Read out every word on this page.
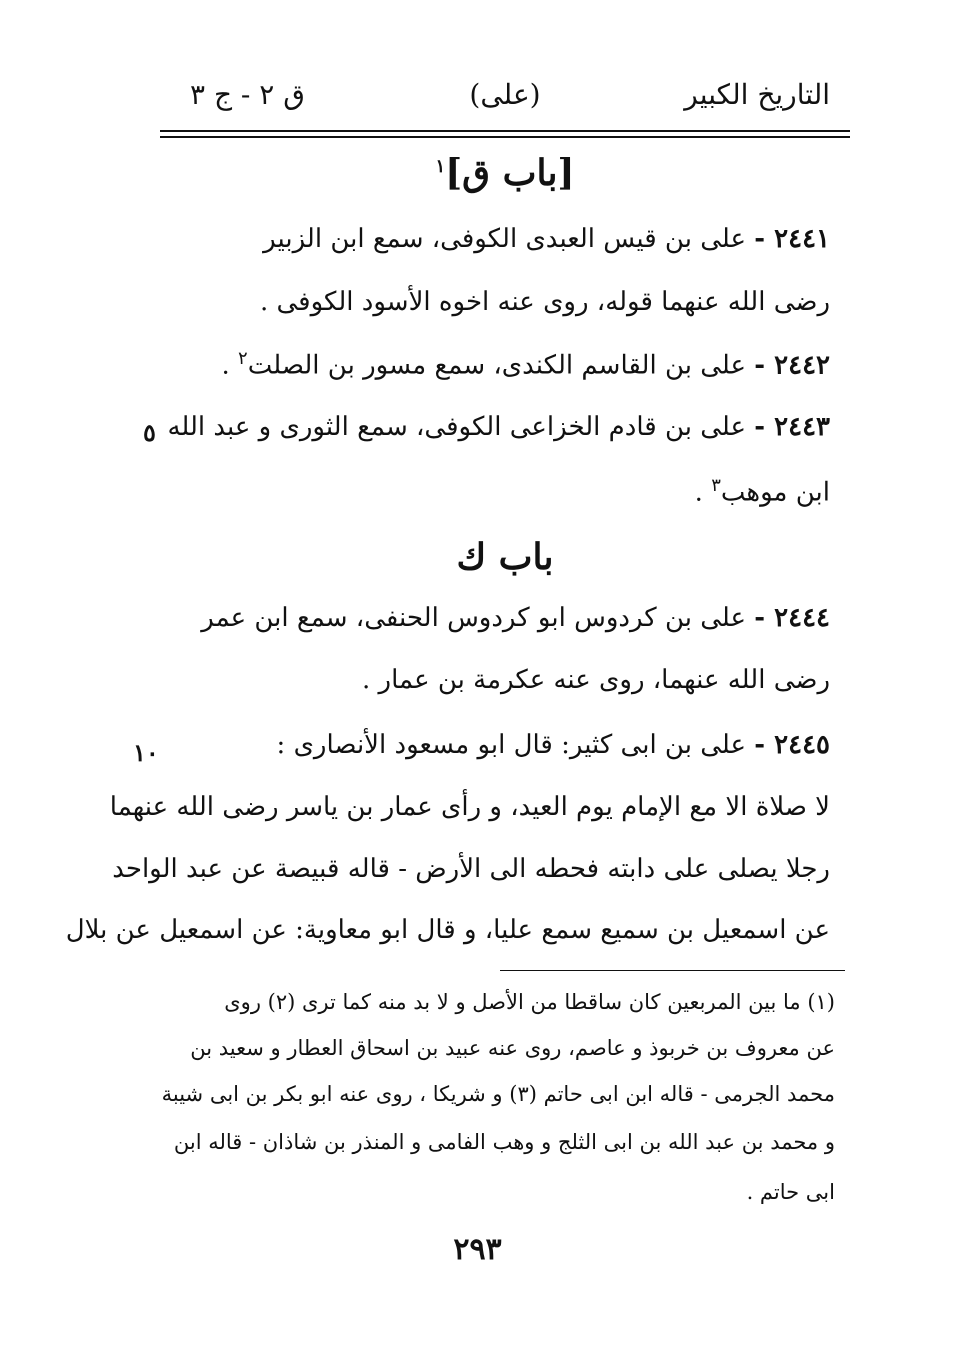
التاريخ الكبير
(على)
ق ٢ - ج ٣
[باب ق]$^١$
٢٤٤١ - على بن قيس العبدى الكوفى، سمع ابن الزبير
رضى الله عنهما قوله، روى عنه اخوه الأسود الكوفى .
٢٤٤٢ - على بن القاسم الكندى، سمع مسور بن الصلت$^٢$ .
٢٤٤٣ - على بن قادم الخزاعى الكوفى، سمع الثورى و عبد الله
٥
ابن موهب$^٣$ .
باب ك
٢٤٤٤ - على بن كردوس ابو كردوس الحنفى، سمع ابن عمر
رضى الله عنهما، روى عنه عكرمة بن عمار .
٢٤٤٥ - على بن ابى كثير: قال ابو مسعود الأنصارى :
١٠
لا صلاة الا مع الإمام يوم العيد، و رأى عمار بن ياسر رضى الله عنهما
رجلا يصلى على دابته فحطه الى الأرض - قاله قبيصة عن عبد الواحد
عن اسمعيل بن سميع سمع عليا، و قال ابو معاوية: عن اسمعيل عن بلال
(١) ما بين المربعين كان ساقطا من الأصل و لا بد منه كما ترى (٢) روى
عن معروف بن خربوذ و عاصم، روى عنه عبيد بن اسحاق العطار و سعيد بن
محمد الجرمى - قاله ابن ابى حاتم (٣) و شريكا ، روى عنه ابو بكر بن ابى شيبة
و محمد بن عبد الله بن ابى الثلج و وهب الفامى و المنذر بن شاذان - قاله ابن
ابى حاتم .
٢٩٣
